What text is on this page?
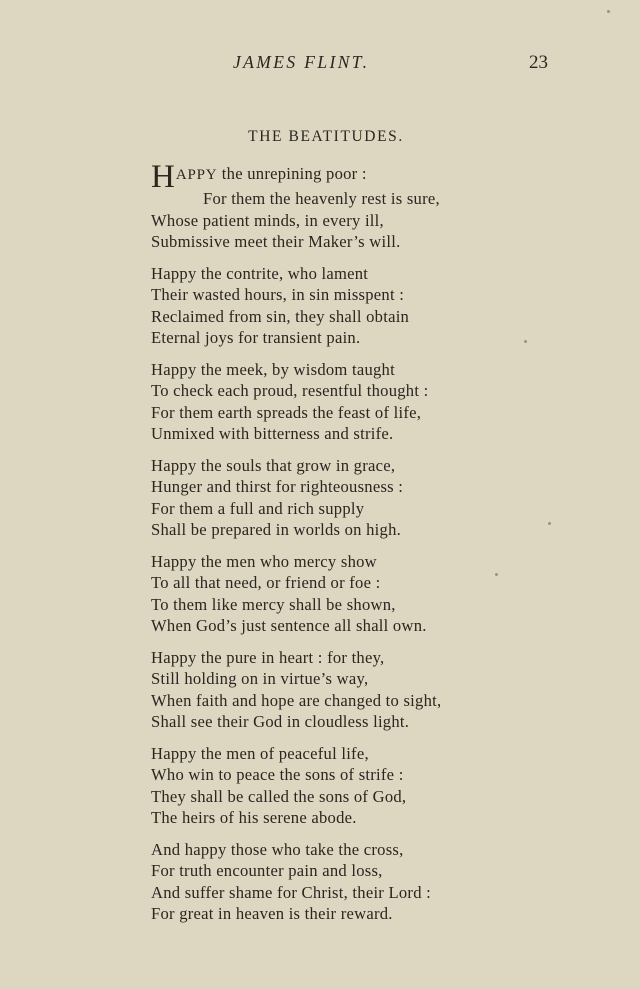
JAMES FLINT.	23
THE BEATITUDES.
HAPPY the unrepining poor :
For them the heavenly rest is sure,
Whose patient minds, in every ill,
Submissive meet their Maker’s will.
Happy the contrite, who lament
Their wasted hours, in sin misspent :
Reclaimed from sin, they shall obtain
Eternal joys for transient pain.
Happy the meek, by wisdom taught
To check each proud, resentful thought :
For them earth spreads the feast of life,
Unmixed with bitterness and strife.
Happy the souls that grow in grace,
Hunger and thirst for righteousness :
For them a full and rich supply
Shall be prepared in worlds on high.
Happy the men who mercy show
To all that need, or friend or foe :
To them like mercy shall be shown,
When God’s just sentence all shall own.
Happy the pure in heart : for they,
Still holding on in virtue’s way,
When faith and hope are changed to sight,
Shall see their God in cloudless light.
Happy the men of peaceful life,
Who win to peace the sons of strife :
They shall be called the sons of God,
The heirs of his serene abode.
And happy those who take the cross,
For truth encounter pain and loss,
And suffer shame for Christ, their Lord :
For great in heaven is their reward.
